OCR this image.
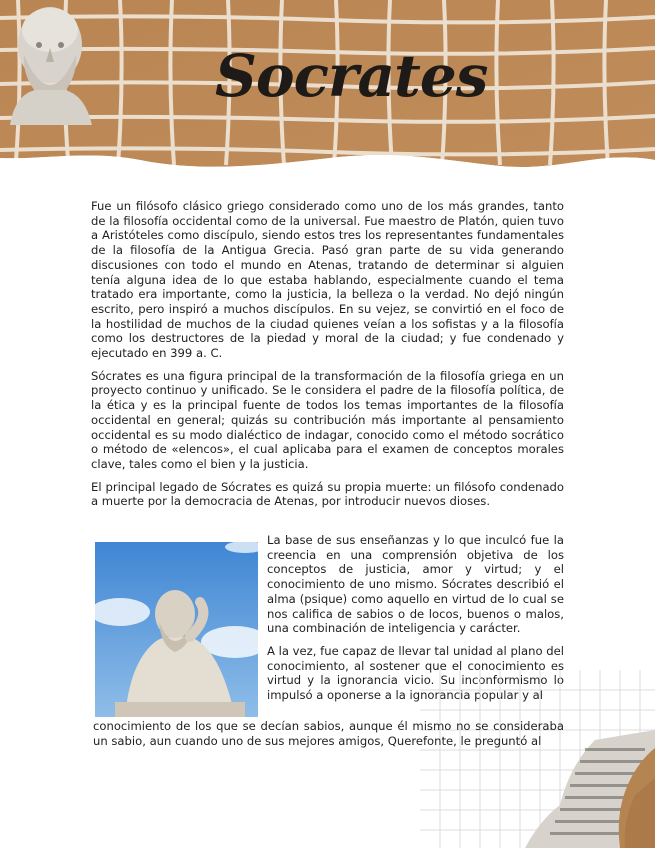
Socrates

Fue un filósofo clásico griego considerado como uno de los más grandes, tanto de la filosofía occidental como de la universal. Fue maestro de Platón, quien tuvo a Aristóteles como discípulo, siendo estos tres los representantes fundamentales de la filosofía de la Antigua Grecia. Pasó gran parte de su vida generando discusiones con todo el mundo en Atenas, tratando de determinar si alguien tenía alguna idea de lo que estaba hablando, especialmente cuando el tema tratado era importante, como la justicia, la belleza o la verdad. No dejó ningún escrito, pero inspiró a muchos discípulos. En su vejez, se convirtió en el foco de la hostilidad de muchos de la ciudad quienes veían a los sofistas y a la filosofía como los destructores de la piedad y moral de la ciudad; y fue condenado y ejecutado en 399 a. C.

Sócrates es una figura principal de la transformación de la filosofía griega en un proyecto continuo y unificado. Se le considera el padre de la filosofía política, de la ética y es la principal fuente de todos los temas importantes de la filosofía occidental en general; quizás su contribución más importante al pensamiento occidental es su modo dialéctico de indagar, conocido como el método socrático o método de «elencos», el cual aplicaba para el examen de conceptos morales clave, tales como el bien y la justicia.

El principal legado de Sócrates es quizá su propia muerte: un filósofo condenado a muerte por la democracia de Atenas, por introducir nuevos dioses.

La base de sus enseñanzas y lo que inculcó fue la creencia en una comprensión objetiva de los conceptos de justicia, amor y virtud; y el conocimiento de uno mismo. Sócrates describió el alma (psique) como aquello en virtud de lo cual se nos califica de sabios o de locos, buenos o malos, una combinación de inteligencia y carácter.

A la vez, fue capaz de llevar tal unidad al plano del conocimiento, al sostener que el conocimiento es virtud y la ignorancia vicio. Su inconformismo lo impulsó a oponerse a la ignorancia popular y al

conocimiento de los que se decían sabios, aunque él mismo no se consideraba un sabio, aun cuando uno de sus mejores amigos, Querefonte, le preguntó al
